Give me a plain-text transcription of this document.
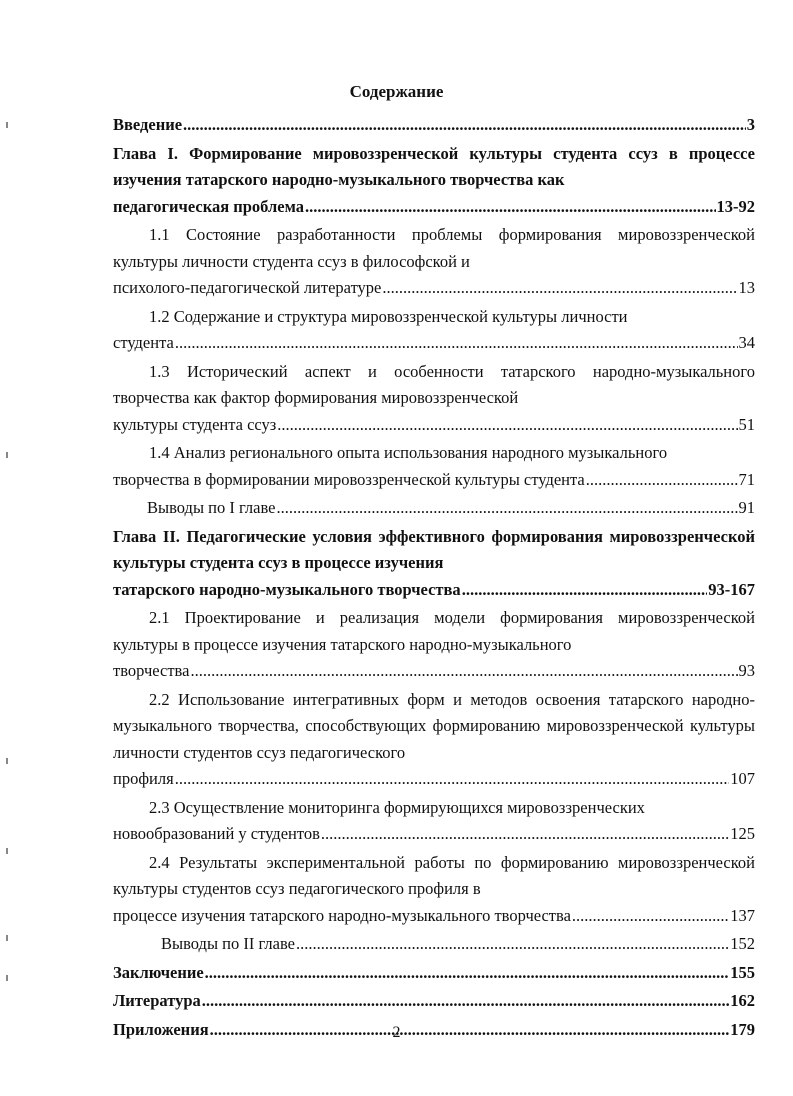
Содержание
Введение .....	3
Глава I. Формирование мировоззренческой культуры студента ссуз в процессе изучения татарского народно-музыкального творчества как
педагогическая проблема .....	13-92
1.1 Состояние разработанности проблемы формирования мировоззренческой культуры личности студента ссуз в философской и
психолого-педагогической литературе .....	13
1.2 Содержание и структура мировоззренческой культуры личности
студента .....	34
1.3 Исторический аспект и особенности татарского народно-музыкального творчества как фактор формирования мировоззренческой
культуры студента ссуз .....	51
1.4 Анализ регионального опыта использования народного музыкального
творчества в формировании мировоззренческой культуры студента .....	71
Выводы по I главе .....	91
Глава II. Педагогические условия эффективного формирования мировоззренческой культуры студента ссуз в процессе изучения
татарского народно-музыкального творчества .....	93-167
2.1 Проектирование и реализация модели формирования мировоззренческой культуры в процессе изучения татарского народно-музыкального
творчества .....	93
2.2 Использование интегративных форм и методов освоения татарского народно-музыкального творчества, способствующих формированию мировоззренческой культуры личности студентов ссуз педагогического
профиля .....	107
2.3 Осуществление мониторинга формирующихся мировоззренческих
новообразований у студентов .....	125
2.4 Результаты экспериментальной работы по формированию мировоззренческой культуры студентов ссуз педагогического профиля в
процессе изучения татарского народно-музыкального творчества .....	137
Выводы по II главе .....	152
Заключение .....	155
Литература .....	162
Приложения .....	179
2
